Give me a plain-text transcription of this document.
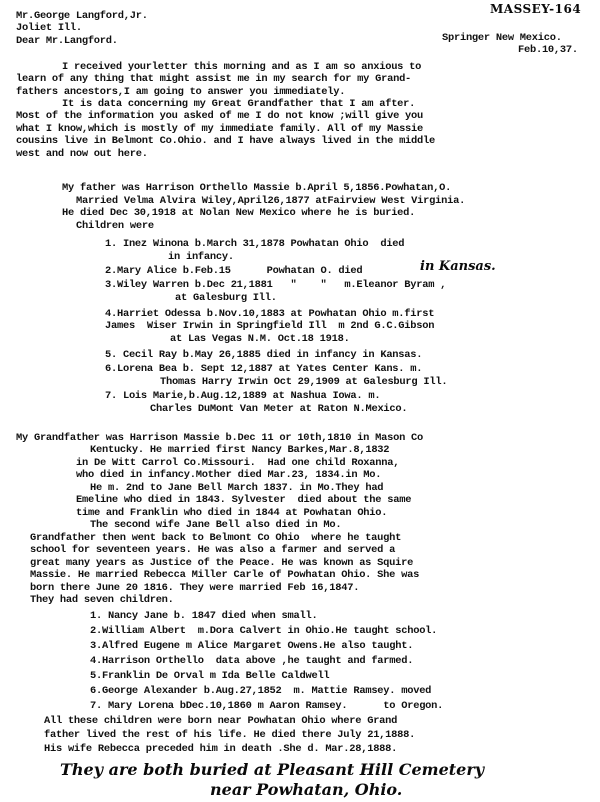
MASSEY-164
Mr.George Langford,Jr.
Joliet Ill.
Dear Mr.Langford.	Springer New Mexico.
Feb.10,37.
I received yourletter this morning and as I am so anxious to
learn of any thing that might assist me in my search for my Grand-
fathers ancestors,I am going to answer you immediately.
It is data concerning my Great Grandfather that I am after.
Most of the information you asked of me I do not know ;will give you
what I know,which is mostly of my immediate family. All of my Massie
cousins live in Belmont Co.Ohio. and I have always lived in the middle
west and now out here.
My father was Harrison Orthello Massie b.April 5,1856.Powhatan,O.
Married Velma Alvira Wiley,April26,1877 atFairview West Virginia.
He died Dec 30,1918 at Nolan New Mexico where he is buried.
Children were
1. Inez Winona b.March 31,1878 Powhatan Ohio  died
in infancy.
2.Mary Alice b.Feb.15      Powhatan O. died	in Kansas.
3.Wiley Warren b.Dec 21,1881   "    "   m.Eleanor Byram ,
at Galesburg Ill.
4.Harriet Odessa b.Nov.10,1883 at Powhatan Ohio m.first
James  Wiser Irwin in Springfield Ill  m 2nd G.C.Gibson
at Las Vegas N.M. Oct.18 1918.
5. Cecil Ray b.May 26,1885 died in infancy in Kansas.
6.Lorena Bea b. Sept 12,1887 at Yates Center Kans. m.
Thomas Harry Irwin Oct 29,1909 at Galesburg Ill.
7. Lois Marie,b.Aug.12,1889 at Nashua Iowa. m.
Charles DuMont Van Meter at Raton N.Mexico.
My Grandfather was Harrison Massie b.Dec 11 or 10th,1810 in Mason Co
Kentucky. He married first Nancy Barkes,Mar.8,1832
in De Witt Carrol Co.Missouri.  Had one child Roxanna,
who died in infancy.Mother died Mar.23, 1834.in Mo.
He m. 2nd to Jane Bell March 1837. in Mo.They had
Emeline who died in 1843. Sylvester  died about the same
time and Franklin who died in 1844 at Powhatan Ohio.
The second wife Jane Bell also died in Mo.
Grandfather then went back to Belmont Co Ohio  where he taught
school for seventeen years. He was also a farmer and served a
great many years as Justice of the Peace. He was known as Squire
Massie. He married Rebecca Miller Carle of Powhatan Ohio. She was
born there June 20 1816. They were married Feb 16,1847.
They had seven children.
1. Nancy Jane b. 1847 died when small.
2.William Albert  m.Dora Calvert in Ohio.He taught school.
3.Alfred Eugene m Alice Margaret Owens.He also taught.
4.Harrison Orthello  data above ,he taught and farmed.
5.Franklin De Orval m Ida Belle Caldwell
6.George Alexander b.Aug.27,1852  m. Mattie Ramsey. moved
7. Mary Lorena bDec.10,1860 m Aaron Ramsey.      to Oregon.
All these children were born near Powhatan Ohio where Grand
father lived the rest of his life. He died there July 21,1888.
His wife Rebecca preceded him in death .She d. Mar.28,1888.
They are both buried at Pleasant Hill Cemetery
near Powhatan, Ohio.
